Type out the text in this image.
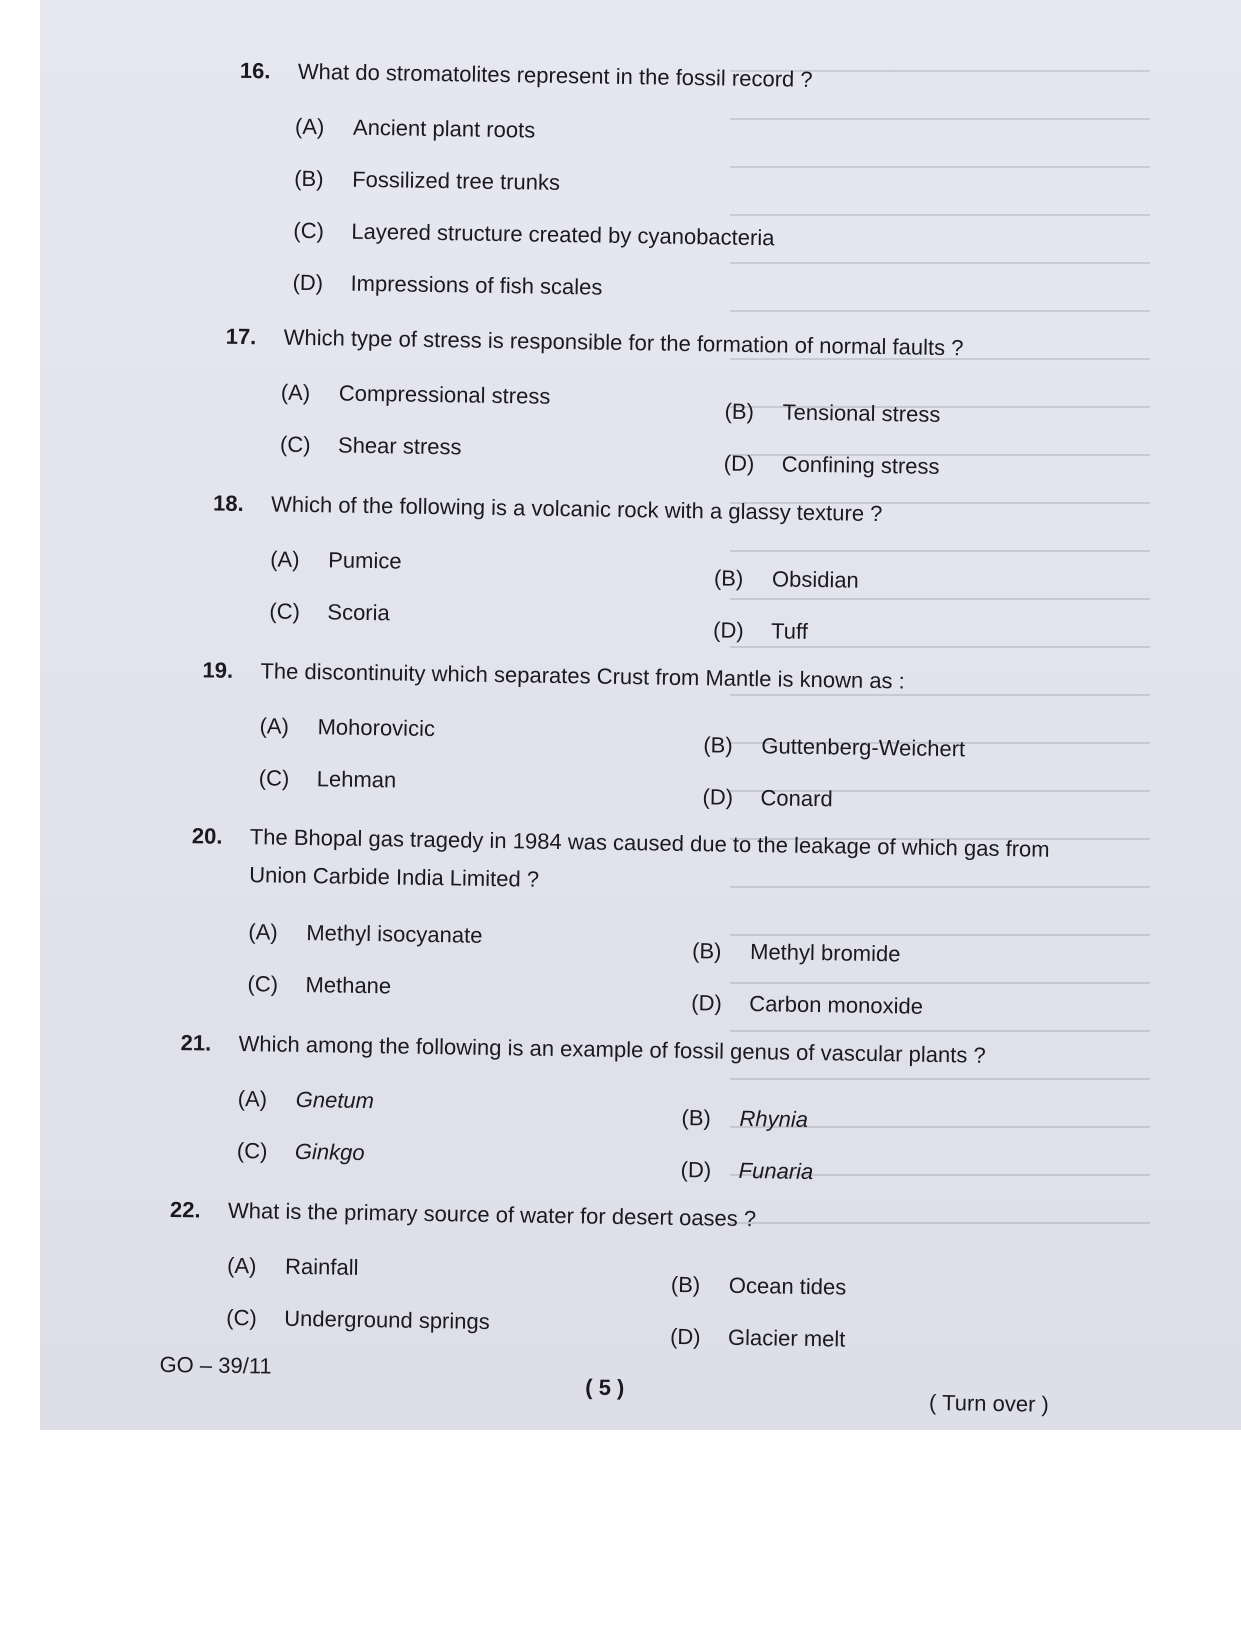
16. What do stromatolites represent in the fossil record ?
(A) Ancient plant roots
(B) Fossilized tree trunks
(C) Layered structure created by cyanobacteria
(D) Impressions of fish scales
17. Which type of stress is responsible for the formation of normal faults ?
(A) Compressional stress
(B) Tensional stress
(C) Shear stress
(D) Confining stress
18. Which of the following is a volcanic rock with a glassy texture ?
(A) Pumice
(B) Obsidian
(C) Scoria
(D) Tuff
19. The discontinuity which separates Crust from Mantle is known as :
(A) Mohorovicic
(B) Guttenberg-Weichert
(C) Lehman
(D) Conard
20. The Bhopal gas tragedy in 1984 was caused due to the leakage of which gas from Union Carbide India Limited ?
(A) Methyl isocyanate
(B) Methyl bromide
(C) Methane
(D) Carbon monoxide
21. Which among the following is an example of fossil genus of vascular plants ?
(A) Gnetum
(B) Rhynia
(C) Ginkgo
(D) Funaria
22. What is the primary source of water for desert oases ?
(A) Rainfall
(B) Ocean tides
(C) Underground springs
(D) Glacier melt
GO – 39/11
( 5 )
( Turn over )
